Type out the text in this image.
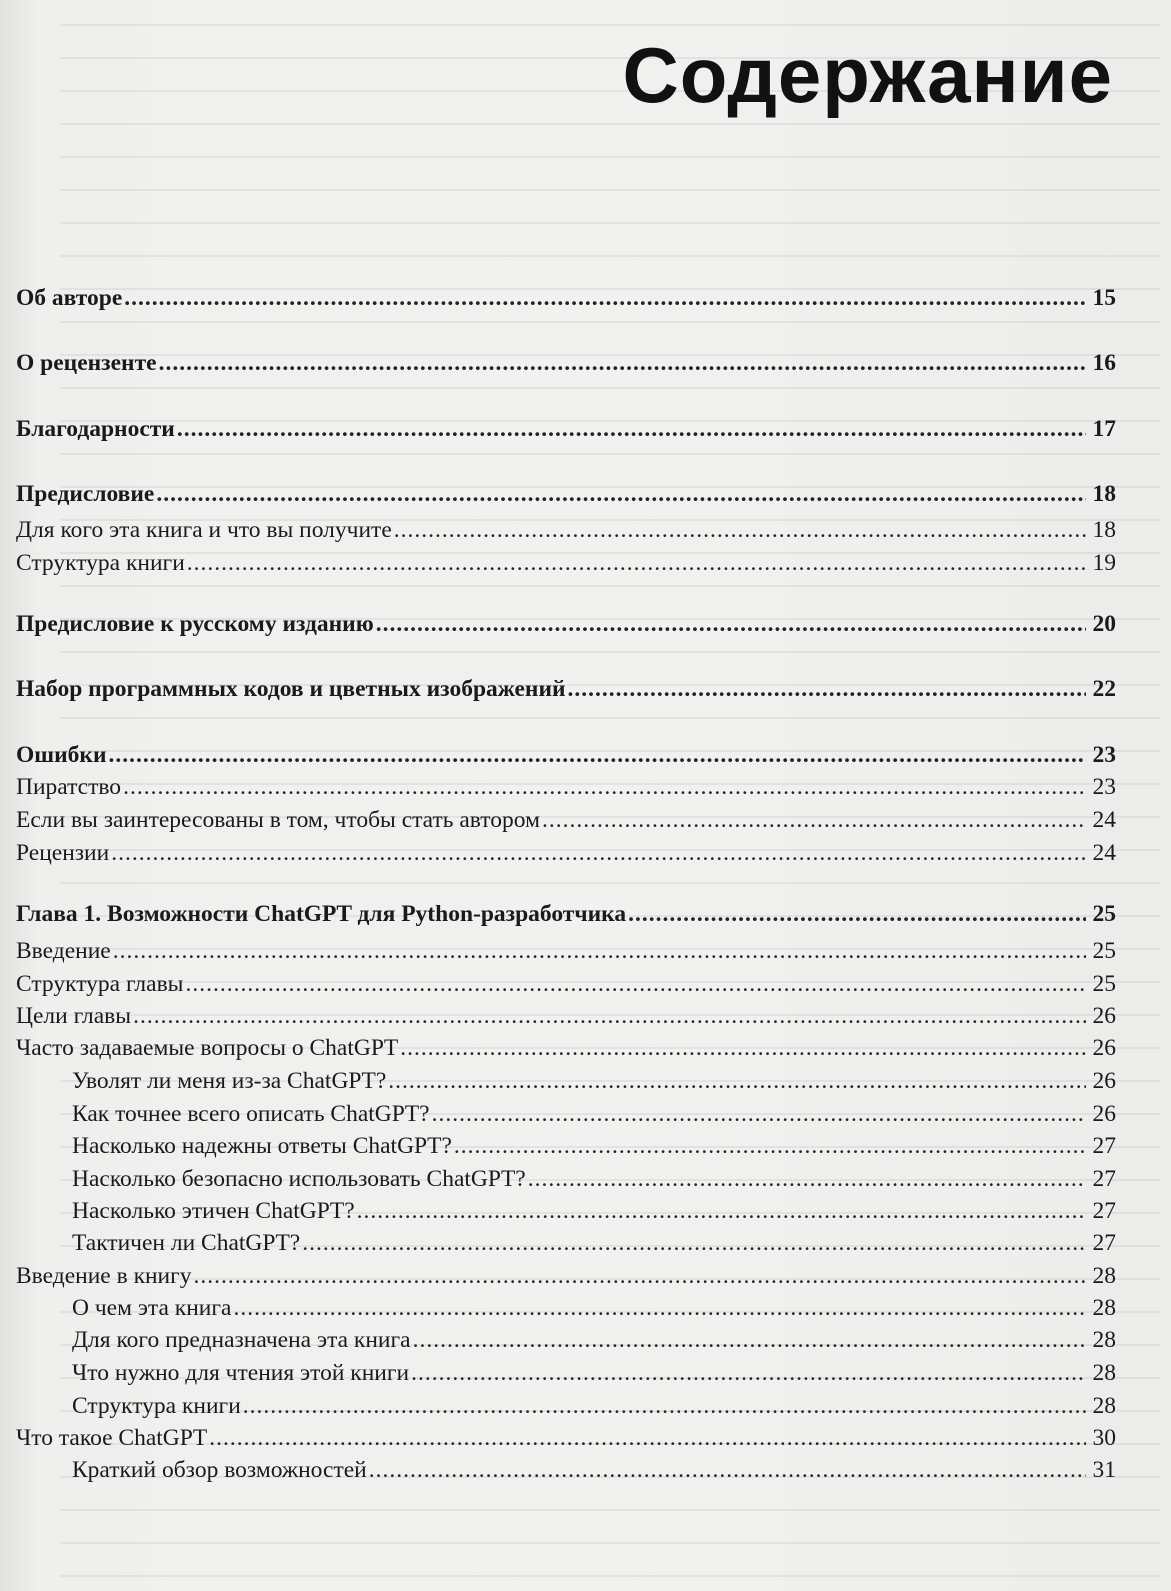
Содержание
Об авторе .....	15
О рецензенте .....	16
Благодарности .....	17
Предисловие .....	18
Для кого эта книга и что вы получите .....	18
Структура книги .....	19
Предисловие к русскому изданию .....	20
Набор программных кодов и цветных изображений .....	22
Ошибки .....	23
Пиратство .....	23
Если вы заинтересованы в том, чтобы стать автором .....	24
Рецензии .....	24
Глава 1. Возможности ChatGPT для Python-разработчика .....	25
Введение .....	25
Структура главы .....	25
Цели главы .....	26
Часто задаваемые вопросы о ChatGPT .....	26
Уволят ли меня из-за ChatGPT? .....	26
Как точнее всего описать ChatGPT? .....	26
Насколько надежны ответы ChatGPT? .....	27
Насколько безопасно использовать ChatGPT? .....	27
Насколько этичен ChatGPT? .....	27
Тактичен ли ChatGPT? .....	27
Введение в книгу .....	28
О чем эта книга .....	28
Для кого предназначена эта книга .....	28
Что нужно для чтения этой книги .....	28
Структура книги .....	28
Что такое ChatGPT .....	30
Краткий обзор возможностей .....	31
